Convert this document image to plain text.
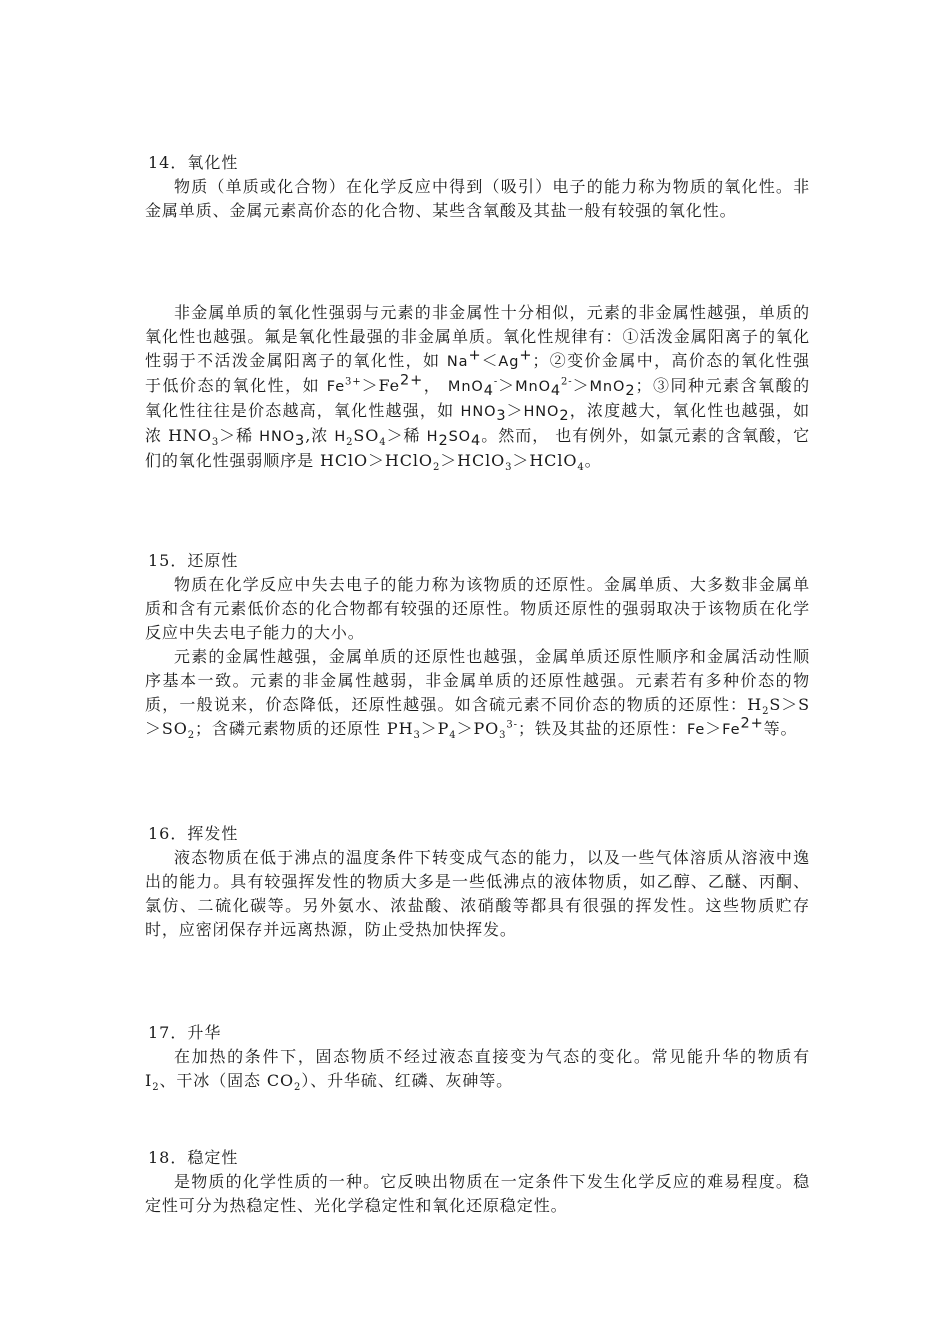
14．氧化性

物质（单质或化合物）在化学反应中得到（吸引）电子的能力称为物质的氧化性。非金属单质、金属元素高价态的化合物、某些含氧酸及其盐一般有较强的氧化性。

非金属单质的氧化性强弱与元素的非金属性十分相似，元素的非金属性越强，单质的氧化性也越强。氟是氧化性最强的非金属单质。氧化性规律有：①活泼金属阳离子的氧化性弱于不活泼金属阳离子的氧化性，如 Na+＜Ag+；②变价金属中，高价态的氧化性强于低价态的氧化性，如 $Fe^{3+}>Fe^{2+}$， MnO$_4$-＞MnO$_4^{2-}$＞MnO$_2$；③同种元素含氧酸的氧化性往往是价态越高，氧化性越强，如 $HNO_3>HNO_2$，浓度越大，氧化性也越强，如浓 $HNO_3>$稀 $HNO_3$,浓 $H_2SO_4>$稀 $H_2SO_4$。然而， 也有例外，如氯元素的含氧酸，它们的氧化性强弱顺序是 HClO＞HClO$_2$＞HClO$_3$＞HClO$_4$。

15．还原性

物质在化学反应中失去电子的能力称为该物质的还原性。金属单质、大多数非金属单质和含有元素低价态的化合物都有较强的还原性。物质还原性的强弱取决于该物质在化学反应中失去电子能力的大小。

元素的金属性越强，金属单质的还原性也越强，金属单质还原性顺序和金属活动性顺序基本一致。元素的非金属性越弱，非金属单质的还原性越强。元素若有多种价态的物质，一般说来，价态降低，还原性越强。如含硫元素不同价态的物质的还原性：$H_2S>S>SO_2$；含磷元素物质的还原性 $PH_3>P_4>PO_3^{3-}$；铁及其盐的还原性：$Fe>Fe^{2+}$等。

16．挥发性

液态物质在低于沸点的温度条件下转变成气态的能力，以及一些气体溶质从溶液中逸出的能力。具有较强挥发性的物质大多是一些低沸点的液体物质，如乙醇、乙醚、丙酮、氯仿、二硫化碳等。另外氨水、浓盐酸、浓硝酸等都具有很强的挥发性。这些物质贮存时，应密闭保存并远离热源，防止受热加快挥发。

17．升华

在加热的条件下，固态物质不经过液态直接变为气态的变化。常见能升华的物质有 $I_2$、干冰（固态 $CO_2$）、升华硫、红磷、灰砷等。

18．稳定性

是物质的化学性质的一种。它反映出物质在一定条件下发生化学反应的难易程度。稳定性可分为热稳定性、光化学稳定性和氧化还原稳定性。
